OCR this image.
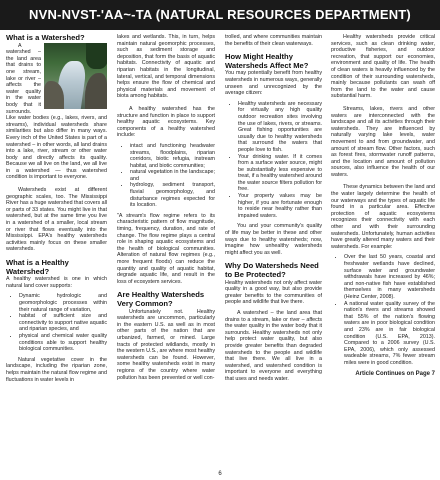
NVN-NVST-'AA~-TA (NATURAL RESOURCES DEPARTMENT)
What is a Watershed?

A watershed – the land area that drains to one stream, lake or river – affects the water quality in the water body that it surrounds. Like water bodies (e.g., lakes, rivers, and streams), individual watersheds share similarities but also differ in many ways. Every inch of the United States is part of a watershed – in other words, all land drains into a lake, river, stream or other water body and directly affects its quality. Because we all live on the land, we all live in a watershed — thus watershed condition is important to everyone.

Watersheds exist at different geographic scales, too. The Mississippi River has a huge watershed that covers all or parts of 33 states. You might live in that watershed, but at the same time you live in a watershed of a smaller, local stream or river that flows eventually into the Mississippi. EPA's healthy watersheds activities mainly focus on these smaller watersheds.

What is a Healthy Watershed?

A healthy watershed is one in which natural land cover supports:

• Dynamic hydrologic and geomorphologic processes within their natural range of variation,
• habitat of sufficient size and connectivity to support native aquatic and riparian species, and
• physical and chemical water quality conditions able to support healthy biological communities.

Natural vegetative cover in the landscape, including the riparian zone, helps maintain the natural flow regime and fluctuations in water levels in

lakes and wetlands. This, in turn, helps maintain natural geomorphic processes, such as sediment storage and deposition, that form the basis of aquatic habitats. Connectivity of aquatic and riparian habitats in the longitudinal, lateral, vertical, and temporal dimensions helps ensure the flow of chemical and physical materials and movement of biota among habitats.

A healthy watershed has the structure and function in place to support healthy aquatic ecosystems. Key components of a healthy watershed include:

• intact and functioning headwater streams, floodplains, riparian corridors, biotic refugia, instream habitat, and biotic communities;
• natural vegetation in the landscape; and
• hydrology, sediment transport, fluvial geomorphology, and disturbance regimes expected for its location.

"A stream's flow regime refers to its characteristic pattern of flow magnitude, timing, frequency, duration, and rate of change. The flow regime plays a central role in shaping aquatic ecosystems and the health of biological communities. Alteration of natural flow regimes (e.g., more frequent floods) can reduce the quantity and quality of aquatic habitat, degrade aquatic life, and result in the loss of ecosystem services.

Are Healthy Watersheds Very Common?

Unfortunately not. Healthy watersheds are uncommon, particularly in the eastern U.S. as well as in most other parts of the nation that are urbanized, farmed, or mined. Large tracts of protected wildlands, mostly in the western U.S., are where most healthy watersheds can be found. However, some healthy watersheds exist in many regions of the country where water pollution has been prevented or well con-

trolled, and where communities maintain the benefits of their clean waterways.

How Might Healthy Watersheds Affect Me?

You may potentially benefit from healthy watersheds in numerous ways, generally unseen and unrecognized by the average citizen:

• Healthy watersheds are necessary for virtually any high quality outdoor recreation sites involving the use of lakes, rivers, or streams. Great fishing opportunities are usually due to healthy watersheds that surround the waters that people love to fish.
• Your drinking water. If it comes from a surface water source, might be substantially less expensive to treat, if a healthy watershed around the water source filters pollution for free.
• Your property values may be higher, if you are fortunate enough to reside near healthy rather than impaired waters.

You and your community's quality of life may be better in these and other ways due to healthy watersheds; now, imagine how unhealthy watersheds might affect you as well.

Why Do Watersheds Need to Be Protected?

Healthy watersheds not only affect water quality in a good way, but also provide greater benefits to the communities of people and wildlife that live there.

A watershed – the land area that drains to a stream, lake or river – affects the water quality in the water body that it surrounds. Healthy watersheds not only help protect water quality, but also provide greater benefits than degraded watersheds to the people and wildlife that live there. We all live in a watershed, and watershed condition is important to everyone and everything that uses and needs water.

Healthy watersheds provide critical services, such as clean drinking water, productive fisheries, and outdoor recreation, that support our economies, environment and quality of life. The health of clean waters is heavily influenced by the condition of their surrounding watersheds, mainly because pollutants can wash off from the land to the water and cause substantial harm.

Streams, lakes, rivers and other waters are interconnected with the landscape and all its activities through their watersheds. They are influenced by naturally varying lake levels, water movement to and from groundwater, and amount of stream flow. Other factors, such as forest fires, stormwater runoff patterns, and the location and amount of pollution sources, also influence the health of our waters.

These dynamics between the land and the water largely determine the health of our waterways and the types of aquatic life found in a particular area. Effective protection of aquatic ecosystems recognizes their connectivity with each other and with their surrounding watersheds. Unfortunately, human activities have greatly altered many waters and their watersheds. For example:

• Over the last 50 years, coastal and freshwater wetlands have declined, surface water and groundwater withdrawals have increased by 46%; and non-native fish have established themselves in many watersheds (Heinz Center, 2008).
• A national water quality survey of the nation's rivers and streams showed that 55% of the nation's flowing waters are in poor biological condition and 23% are in fair biological condition (U.S. EPA, 2013). Compared to a 2006 survey (U.S. EPA, 2006), which only assessed wadeable streams, 7% fewer stream miles were in good condition.
Article Continues on Page 7
6
